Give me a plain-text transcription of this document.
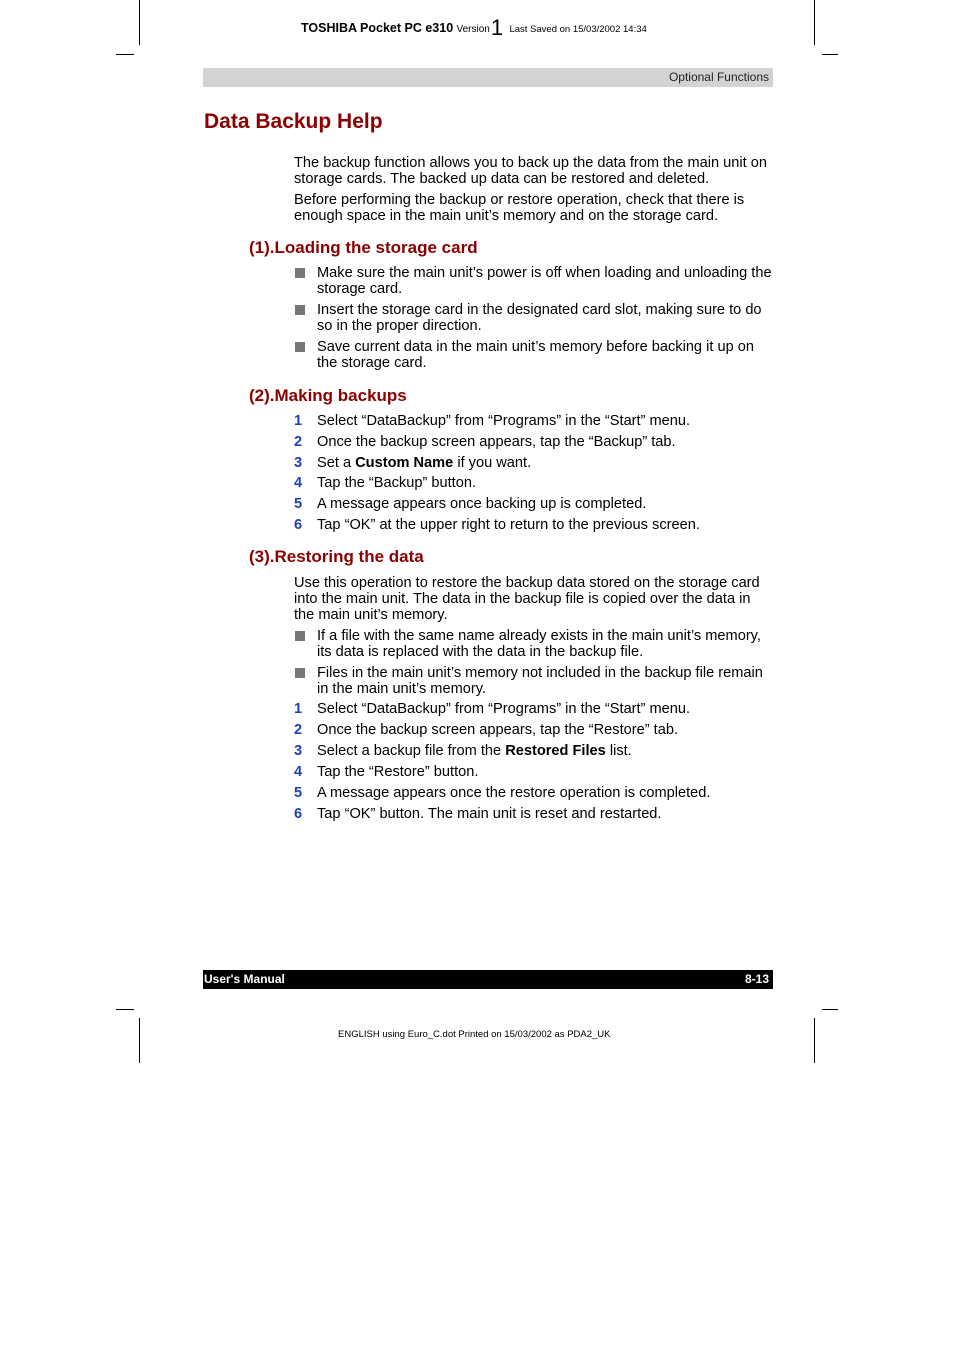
TOSHIBA Pocket PC e310 Version1 Last Saved on 15/03/2002 14:34
Optional Functions
Data Backup Help

The backup function allows you to back up the data from the main unit on storage cards. The backed up data can be restored and deleted.

Before performing the backup or restore operation, check that there is enough space in the main unit’s memory and on the storage card.

(1).Loading the storage card
Make sure the main unit’s power is off when loading and unloading the storage card.
Insert the storage card in the designated card slot, making sure to do so in the proper direction.
Save current data in the main unit’s memory before backing it up on the storage card.
(2).Making backups
1	Select “DataBackup” from “Programs” in the “Start” menu.
2	Once the backup screen appears, tap the “Backup” tab.
3	Set a Custom Name if you want.
4	Tap the “Backup” button.
5	A message appears once backing up is completed.
6	Tap “OK” at the upper right to return to the previous screen.
(3).Restoring the data

Use this operation to restore the backup data stored on the storage card into the main unit. The data in the backup file is copied over the data in the main unit’s memory.

If a file with the same name already exists in the main unit’s memory, its data is replaced with the data in the backup file.
Files in the main unit’s memory not included in the backup file remain in the main unit’s memory.
1	Select “DataBackup” from “Programs” in the “Start” menu.
2	Once the backup screen appears, tap the “Restore” tab.
3	Select a backup file from the Restored Files list.
4	Tap the “Restore” button.
5	A message appears once the restore operation is completed.
6	Tap “OK” button. The main unit is reset and restarted.
User's Manual	8-13
ENGLISH using Euro_C.dot Printed on 15/03/2002 as PDA2_UK
